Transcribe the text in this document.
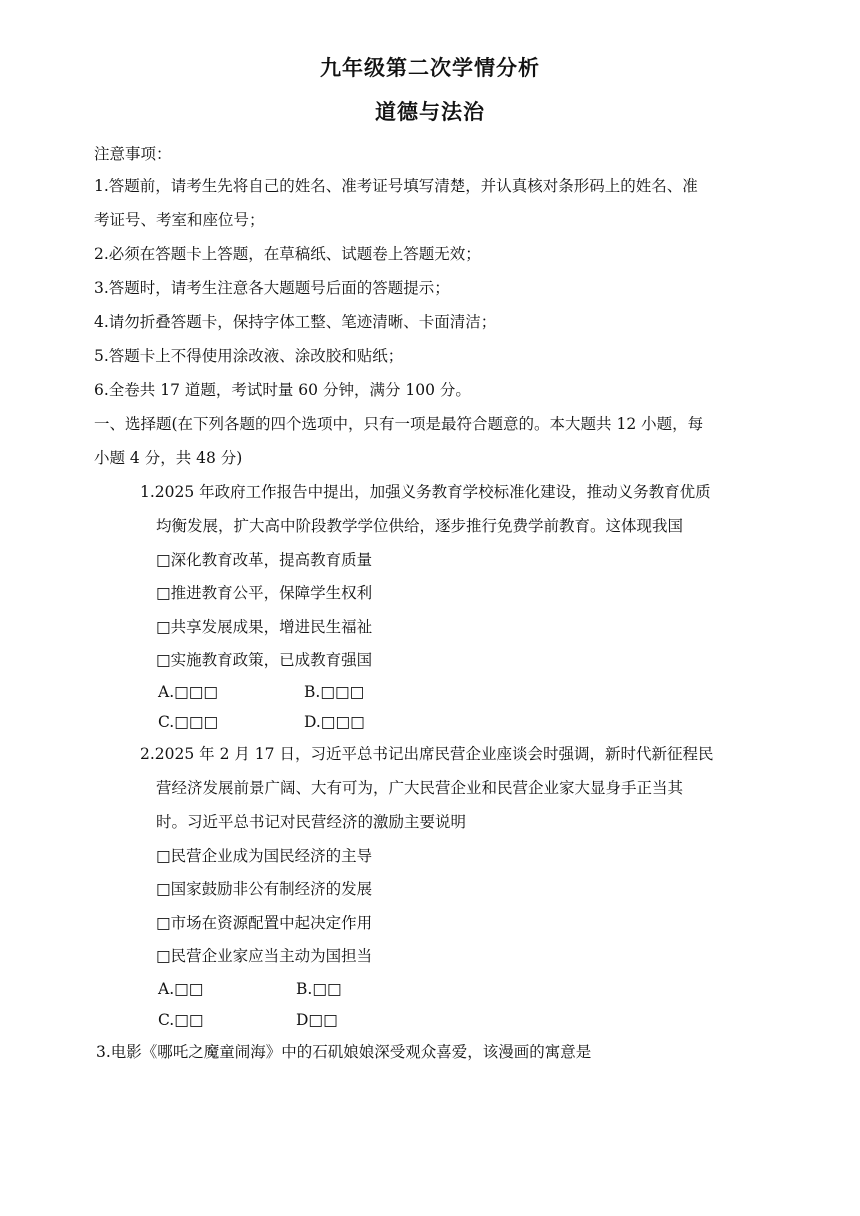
九年级第二次学情分析
道德与法治
注意事项：
1.答题前，请考生先将自己的姓名、准考证号填写清楚，并认真核对条形码上的姓名、准
考证号、考室和座位号；
2.必须在答题卡上答题，在草稿纸、试题卷上答题无效；
3.答题时，请考生注意各大题题号后面的答题提示；
4.请勿折叠答题卡，保持字体工整、笔迹清晰、卡面清洁；
5.答题卡上不得使用涂改液、涂改胶和贴纸；
6.全卷共 17 道题，考试时量 60 分钟，满分 100 分。
一、选择题(在下列各题的四个选项中，只有一项是最符合题意的。本大题共 12 小题，每
小题 4 分，共 48 分)
1.2025 年政府工作报告中提出，加强义务教育学校标准化建设，推动义务教育优质
均衡发展，扩大高中阶段教学学位供给，逐步推行免费学前教育。这体现我国
□深化教育改革，提高教育质量
□推进教育公平，保障学生权利
□共享发展成果，增进民生福祉
□实施教育政策，已成教育强国
A.□□□	B.□□□
C.□□□	D.□□□
2.2025 年 2 月 17 日，习近平总书记出席民营企业座谈会时强调，新时代新征程民
营经济发展前景广阔、大有可为，广大民营企业和民营企业家大显身手正当其
时。习近平总书记对民营经济的激励主要说明
□民营企业成为国民经济的主导
□国家鼓励非公有制经济的发展
□市场在资源配置中起决定作用
□民营企业家应当主动为国担当
A.□□	B.□□
C.□□	D□□
3.电影《哪吒之魔童闹海》中的石矶娘娘深受观众喜爱，该漫画的寓意是
